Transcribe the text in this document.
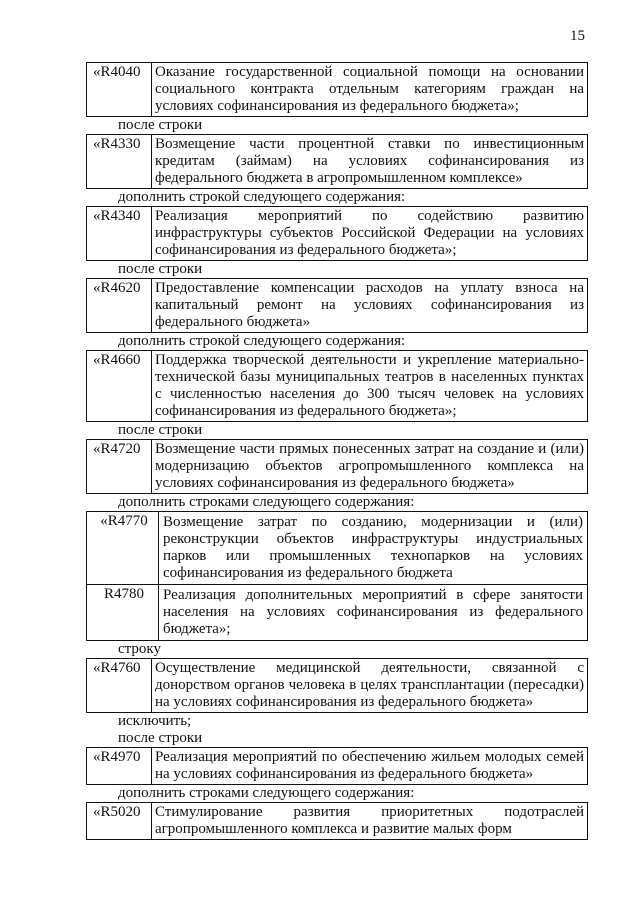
15
«R4040	Оказание государственной социальной помощи на основании социального контракта отдельным категориям граждан на условиях софинансирования из федерального бюджета»;
после строки
«R4330	Возмещение части процентной ставки по инвестиционным кредитам (займам) на условиях софинансирования из федерального бюджета в агропромышленном комплексе»
дополнить строкой следующего содержания:
«R4340	Реализация мероприятий по содействию развитию инфраструктуры субъектов Российской Федерации на условиях софинансирования из федерального бюджета»;
после строки
«R4620	Предоставление компенсации расходов на уплату взноса на капитальный ремонт на условиях софинансирования из федерального бюджета»
дополнить строкой следующего содержания:
«R4660	Поддержка творческой деятельности и укрепление материально-технической базы муниципальных театров в населенных пунктах с численностью населения до 300 тысяч человек на условиях софинансирования из федерального бюджета»;
после строки
«R4720	Возмещение части прямых понесенных затрат на создание и (или) модернизацию объектов агропромышленного комплекса на условиях софинансирования из федерального бюджета»
дополнить строками следующего содержания:
«R4770	Возмещение затрат по созданию, модернизации и (или) реконструкции объектов инфраструктуры индустриальных парков или промышленных технопарков на условиях софинансирования из федерального бюджета
R4780	Реализация дополнительных мероприятий в сфере занятости населения на условиях софинансирования из федерального бюджета»;
строку
«R4760	Осуществление медицинской деятельности, связанной с донорством органов человека в целях трансплантации (пересадки) на условиях софинансирования из федерального бюджета»
исключить;
после строки
«R4970	Реализация мероприятий по обеспечению жильем молодых семей на условиях софинансирования из федерального бюджета»
дополнить строками следующего содержания:
«R5020	Стимулирование развития приоритетных подотраслей агропромышленного комплекса и развитие малых форм
